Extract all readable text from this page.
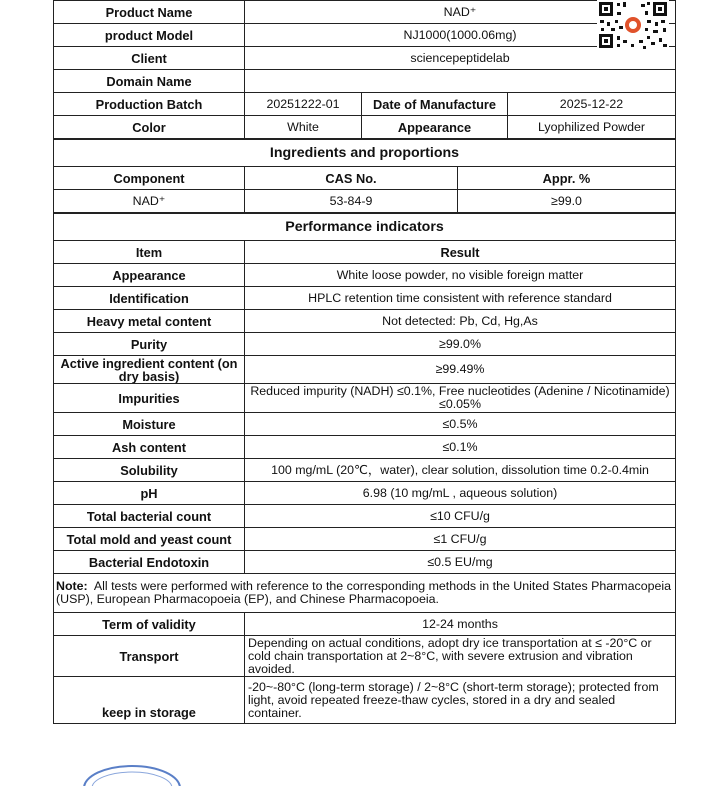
Product Name	NAD⁺		
product Model	NJ1000(1000.06mg)		
Client	sciencepeptidelab		
Domain Name			
Production Batch	20251222-01	Date of Manufacture	2025-12-22
Color	White	Appearance	Lyophilized Powder
Ingredients and proportions		
Component	CAS No.	Appr. %
NAD⁺	53-84-9	≥99.0
Performance indicators	
Item	Result
Appearance	White loose powder, no visible foreign matter
Identification	HPLC retention time consistent with reference standard
Heavy metal content	Not detected: Pb, Cd, Hg,As
Purity	≥99.0%
Active ingredient content (on dry basis)	≥99.49%
Impurities	Reduced impurity (NADH) ≤0.1%, Free nucleotides (Adenine / Nicotinamide) ≤0.05%
Moisture	≤0.5%
Ash content	≤0.1%
Solubility	100 mg/mL (20℃，water), clear solution, dissolution time 0.2-0.4min
pH	6.98 (10 mg/mL , aqueous solution)
Total bacterial count	≤10 CFU/g
Total mold and yeast count	≤1 CFU/g
Bacterial Endotoxin	≤0.5 EU/mg
Note: All tests were performed with reference to the corresponding methods in the United States Pharmacopeia (USP), European Pharmacopoeia (EP), and Chinese Pharmacopoeia.	
Term of validity	12-24 months
Transport	Depending on actual conditions, adopt dry ice transportation at ≤ -20°C or cold chain transportation at 2~8°C, with severe extrusion and vibration avoided.
keep in storage	-20~-80°C (long-term storage) / 2~8°C (short-term storage); protected from light, avoid repeated freeze-thaw cycles, stored in a dry and sealed container.
